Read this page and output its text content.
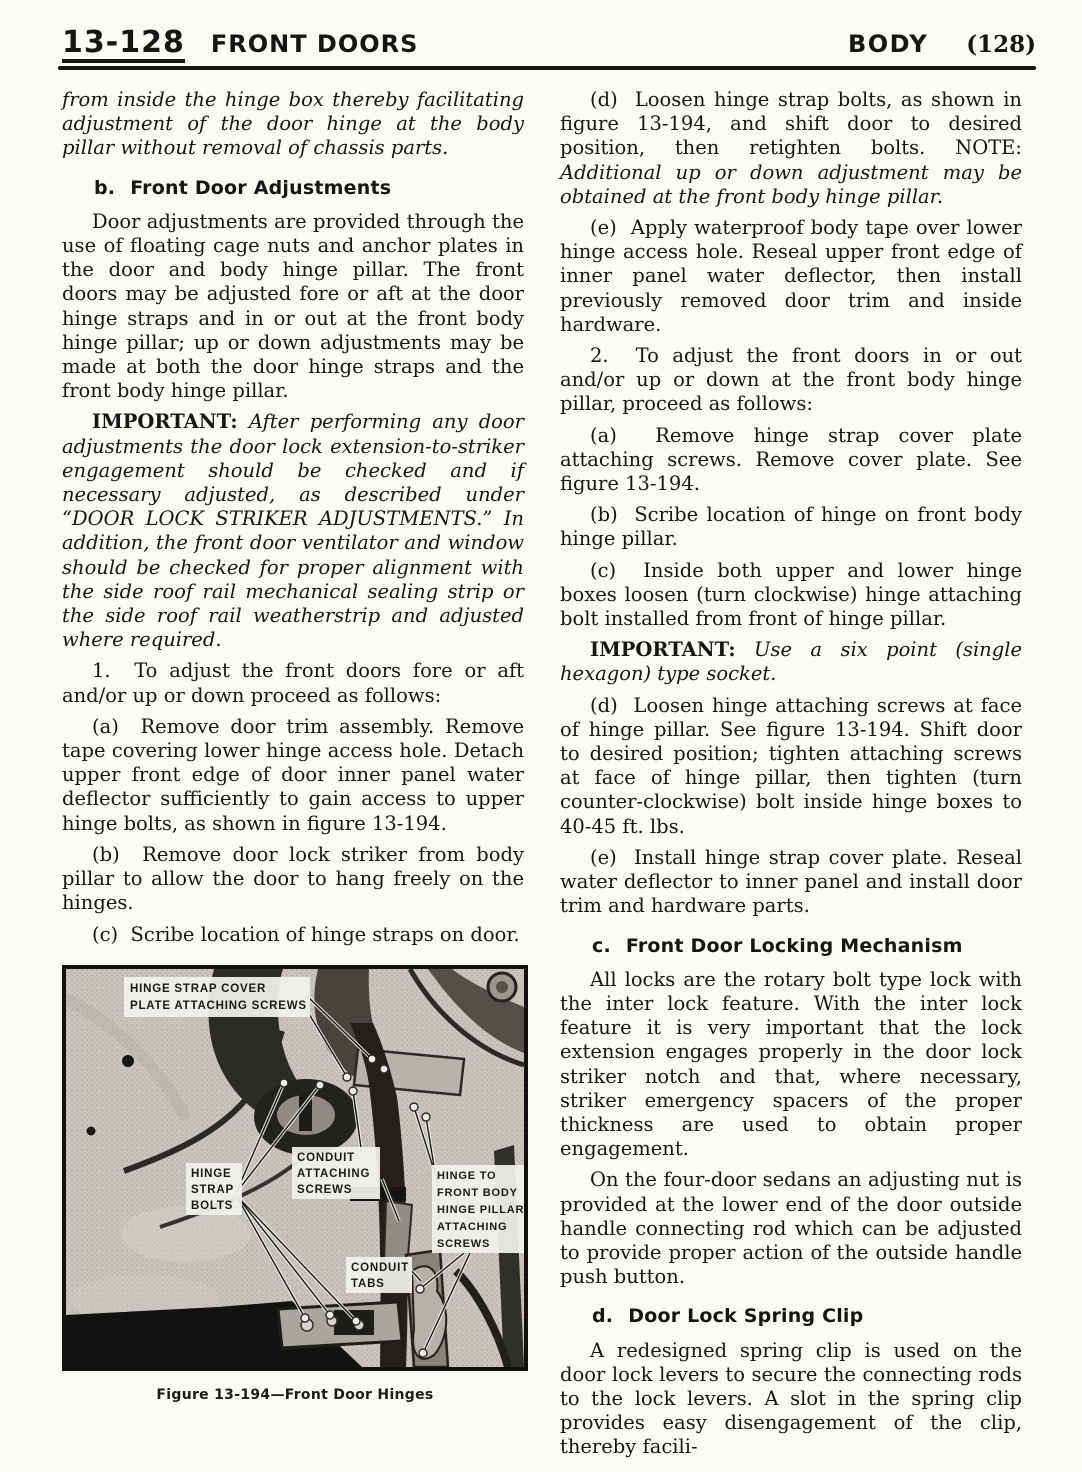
13-128 FRONT DOORS	BODY (128)

from inside the hinge box thereby facilitating adjustment of the door hinge at the body pillar without removal of chassis parts.

b. Front Door Adjustments

Door adjustments are provided through the use of floating cage nuts and anchor plates in the door and body hinge pillar. The front doors may be adjusted fore or aft at the door hinge straps and in or out at the front body hinge pillar; up or down adjustments may be made at both the door hinge straps and the front body hinge pillar.

IMPORTANT: After performing any door adjustments the door lock extension-to-striker engagement should be checked and if necessary adjusted, as described under “DOOR LOCK STRIKER ADJUSTMENTS.” In addition, the front door ventilator and window should be checked for proper alignment with the side roof rail mechanical sealing strip or the side roof rail weatherstrip and adjusted where required.

1.  To adjust the front doors fore or aft and/or up or down proceed as follows:

(a)  Remove door trim assembly. Remove tape covering lower hinge access hole. Detach upper front edge of door inner panel water deflector sufficiently to gain access to upper hinge bolts, as shown in figure 13-194.

(b)  Remove door lock striker from body pillar to allow the door to hang freely on the hinges.

(c)  Scribe location of hinge straps on door.

HINGE STRAP COVER
PLATE ATTACHING SCREWS
HINGE
STRAP
BOLTS
CONDUIT
ATTACHING
SCREWS
HINGE TO
FRONT BODY
HINGE PILLAR
ATTACHING
SCREWS
CONDUIT
TABS
Figure 13-194—Front Door Hinges

(d)  Loosen hinge strap bolts, as shown in figure 13-194, and shift door to desired position, then retighten bolts. NOTE: Additional up or down adjustment may be obtained at the front body hinge pillar.

(e)  Apply waterproof body tape over lower hinge access hole. Reseal upper front edge of inner panel water deflector, then install previously removed door trim and inside hardware.

2.  To adjust the front doors in or out and/or up or down at the front body hinge pillar, proceed as follows:

(a)  Remove hinge strap cover plate attaching screws. Remove cover plate. See figure 13-194.

(b)  Scribe location of hinge on front body hinge pillar.

(c)  Inside both upper and lower hinge boxes loosen (turn clockwise) hinge attaching bolt installed from front of hinge pillar.

IMPORTANT: Use a six point (single hexagon) type socket.

(d)  Loosen hinge attaching screws at face of hinge pillar. See figure 13-194. Shift door to desired position; tighten attaching screws at face of hinge pillar, then tighten (turn counter-clockwise) bolt inside hinge boxes to 40-45 ft. lbs.

(e)  Install hinge strap cover plate. Reseal water deflector to inner panel and install door trim and hardware parts.

c. Front Door Locking Mechanism

All locks are the rotary bolt type lock with the inter lock feature. With the inter lock feature it is very important that the lock extension engages properly in the door lock striker notch and that, where necessary, striker emergency spacers of the proper thickness are used to obtain proper engagement.

On the four-door sedans an adjusting nut is provided at the lower end of the door outside handle connecting rod which can be adjusted to provide proper action of the outside handle push button.

d. Door Lock Spring Clip

A redesigned spring clip is used on the door lock levers to secure the connecting rods to the lock levers. A slot in the spring clip provides easy disengagement of the clip, thereby facili-
